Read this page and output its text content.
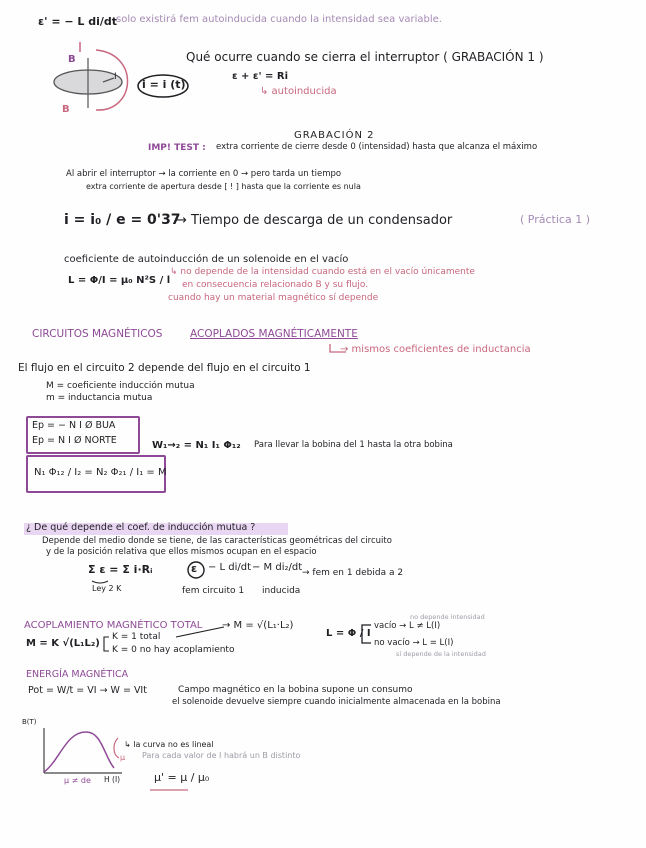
ε' = − L di/dt
solo existirá fem autoinducida cuando la intensidad sea variable.
B
B
I
i = i (t)
Qué ocurre cuando se cierra el interruptor ( GRABACIÓN 1 )
ε + ε' = Ri
↳ autoinducida
GRABACIÓN 2
IMP! TEST : extra corriente de cierre desde 0 (intensidad) hasta que alcanza el máximo
Al abrir el interruptor → la corriente en 0 → pero tarda un tiempo
extra corriente de apertura desde [ ! ] hasta que la corriente es nula
i = i₀ / e = 0'37
→ Tiempo de descarga de un condensador	( Práctica 1 )
coeficiente de autoinducción de un solenoide en el vacío
L = Φ/I = μ₀ N²S / l
↳ no depende de la intensidad cuando está en el vacío únicamente
en consecuencia relacionado B y su flujo.
cuando hay un material magnético sí depende
CIRCUITOS MAGNÉTICOS	ACOPLADOS MAGNÉTICAMENTE
→ mismos coeficientes de inductancia
El flujo en el circuito 2 depende del flujo en el circuito 1
M = coeficiente inducción mutua
m = inductancia mutua
Ep = − N I Ø BUA
Ep = N I Ø NORTE	W₁→₂ = N₁ I₁ Φ₁₂ Para llevar la bobina del 1 hasta la otra bobina
N₁ Φ₁₂ / I₂ = N₂ Φ₂₁ / I₁ = M
¿ De qué depende el coef. de inducción mutua ?
Depende del medio donde se tiene, de las características geométricas del circuito
y de la posición relativa que ellos mismos ocupan en el espacio
Σ ε = Σ i·Rᵢ
Ley 2 K
ε − L di/dt − M di₂/dt → fem en 1 debida a 2
fem circuito 1 inducida
ACOPLAMIENTO MAGNÉTICO TOTAL → M = √(L₁·L₂)
M = K √(L₁L₂)
K = 1 total
K = 0 no hay acoplamiento
L = Φ / I
no depende intensidad
vacío → L ≠ L(I)
no vacío → L = L(I)
sí depende de la intensidad
ENERGÍA MAGNÉTICA
Pot = W/t = VI → W = VIt	Campo magnético en la bobina supone un consumo
el solenoide devuelve siempre cuando inicialmente almacenada en la bobina
B(T)
H (I)
μ
μ ≠ de
↳ la curva no es lineal
Para cada valor de I habrá un B distinto
μ' = μ / μ₀
